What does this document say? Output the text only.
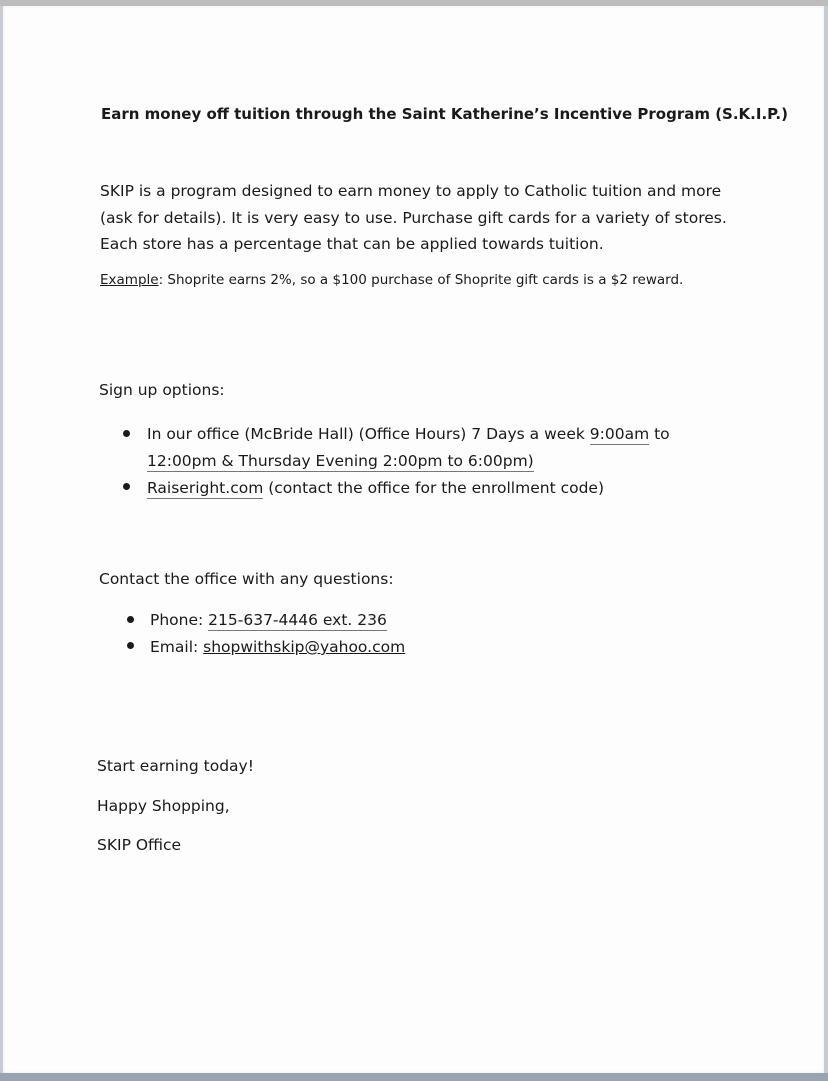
Earn money off tuition through the Saint Katherine’s Incentive Program (S.K.I.P.)

SKIP is a program designed to earn money to apply to Catholic tuition and more
(ask for details). It is very easy to use. Purchase gift cards for a variety of stores.
Each store has a percentage that can be applied towards tuition.

Example: Shoprite earns 2%, so a $100 purchase of Shoprite gift cards is a $2 reward.

Sign up options:

In our office (McBride Hall) (Office Hours) 7 Days a week 9:00am to

12:00pm & Thursday Evening 2:00pm to 6:00pm)

Raiseright.com (contact the office for the enrollment code)

Contact the office with any questions:

Phone: 215-637-4446 ext. 236

Email: shopwithskip@yahoo.com

Start earning today!

Happy Shopping,

SKIP Office
